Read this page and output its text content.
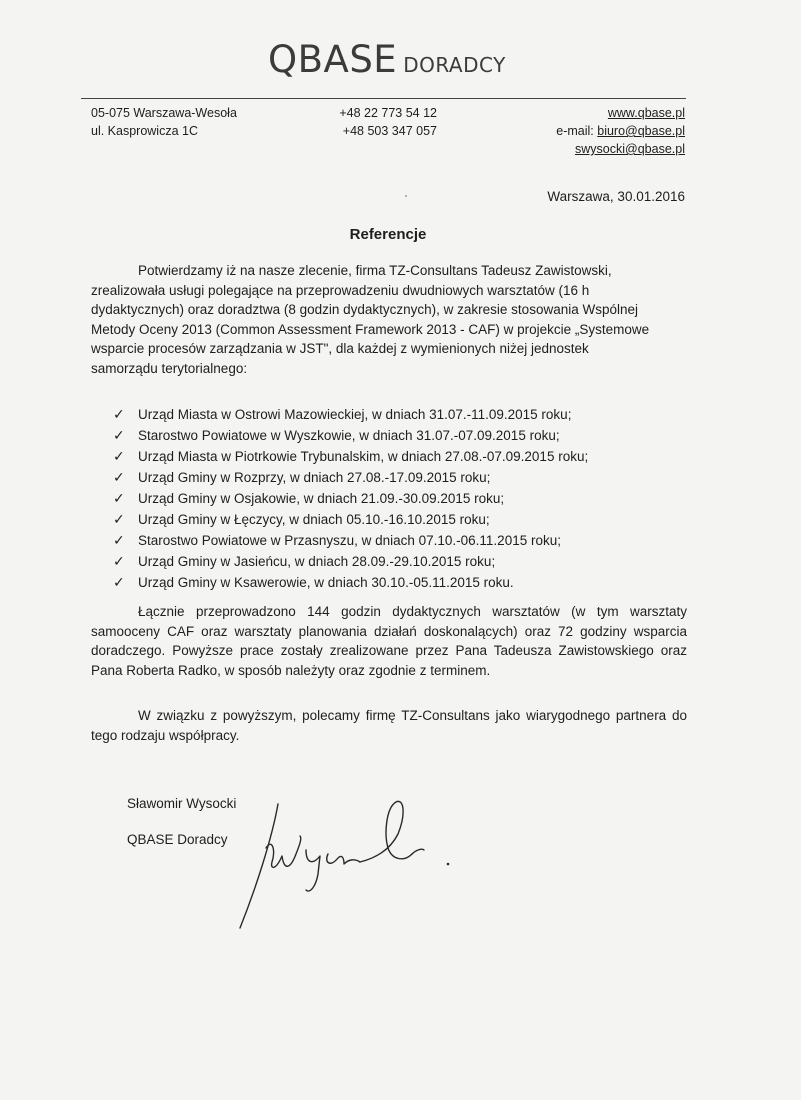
QBASE DORADCY
05-075 Warszawa-Wesoła
ul. Kasprowicza 1C
+48 22 773 54 12
+48 503 347 057
www.qbase.pl
e-mail: biuro@qbase.pl
swysocki@qbase.pl
Warszawa, 30.01.2016
Referencje
Potwierdzamy iż na nasze zlecenie, firma TZ-Consultans Tadeusz Zawistowski,
zrealizowała usługi polegające na przeprowadzeniu dwudniowych warsztatów (16 h
dydaktycznych) oraz doradztwa (8 godzin dydaktycznych), w zakresie stosowania Wspólnej
Metody Oceny 2013 (Common Assessment Framework 2013 - CAF) w projekcie „Systemowe
wsparcie procesów zarządzania w JST", dla każdej z wymienionych niżej jednostek
samorządu terytorialnego:
✓ Urząd Miasta w Ostrowi Mazowieckiej, w dniach 31.07.-11.09.2015 roku;
✓ Starostwo Powiatowe w Wyszkowie, w dniach 31.07.-07.09.2015 roku;
✓ Urząd Miasta w Piotrkowie Trybunalskim, w dniach 27.08.-07.09.2015 roku;
✓ Urząd Gminy w Rozprzy, w dniach 27.08.-17.09.2015 roku;
✓ Urząd Gminy w Osjakowie, w dniach 21.09.-30.09.2015 roku;
✓ Urząd Gminy w Łęczycy, w dniach 05.10.-16.10.2015 roku;
✓ Starostwo Powiatowe w Przasnyszu, w dniach 07.10.-06.11.2015 roku;
✓ Urząd Gminy w Jasieńcu, w dniach 28.09.-29.10.2015 roku;
✓ Urząd Gminy w Ksawerowie, w dniach 30.10.-05.11.2015 roku.
Łącznie przeprowadzono 144 godzin dydaktycznych warsztatów (w tym warsztaty samooceny CAF oraz warsztaty planowania działań doskonalących) oraz 72 godziny wsparcia doradczego. Powyższe prace zostały zrealizowane przez Pana Tadeusza Zawistowskiego oraz Pana Roberta Radko, w sposób należyty oraz zgodnie z terminem.
W związku z powyższym, polecamy firmę TZ-Consultans jako wiarygodnego partnera do tego rodzaju współpracy.
Sławomir Wysocki
QBASE Doradcy
